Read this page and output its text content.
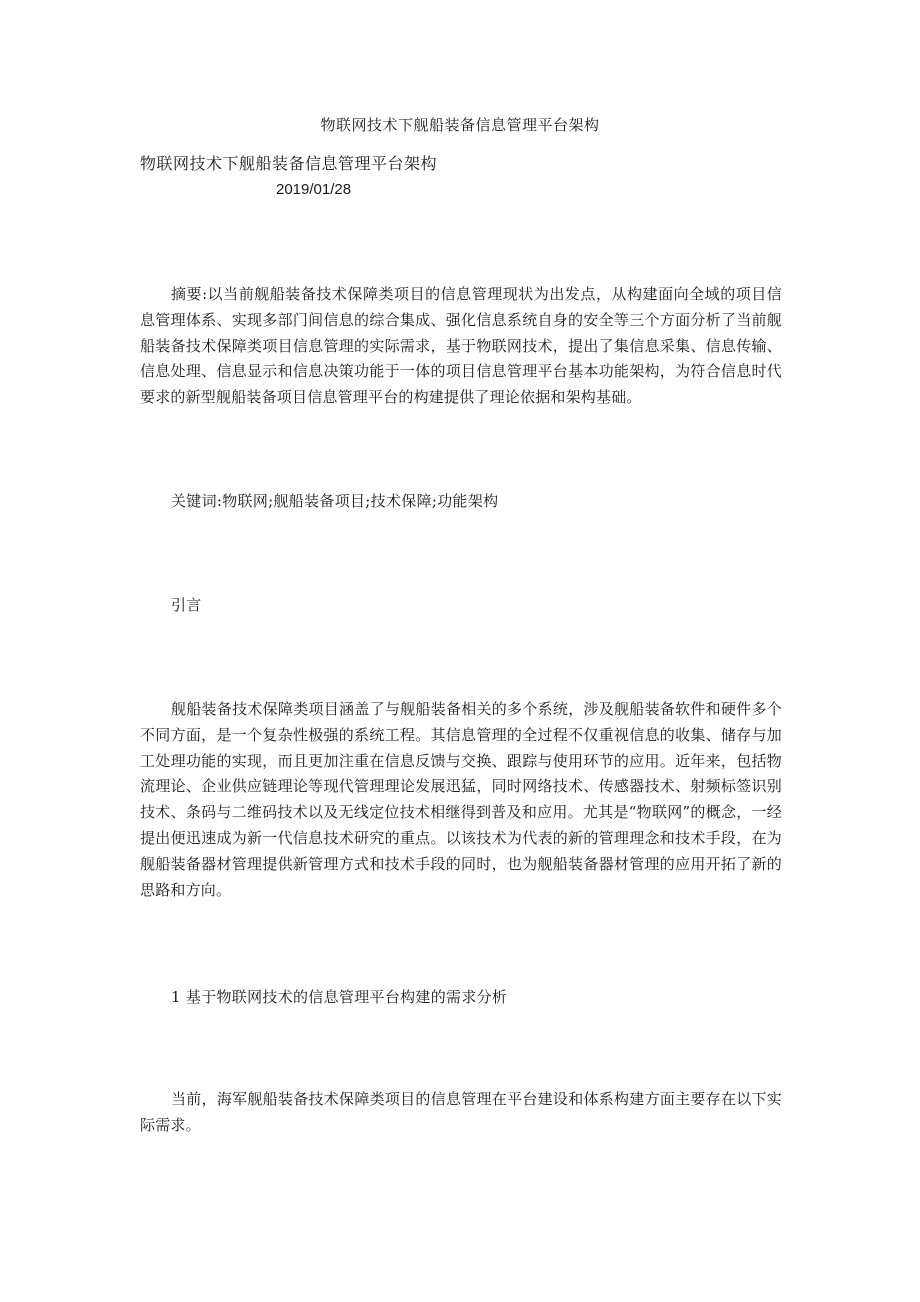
物联网技术下舰船装备信息管理平台架构

物联网技术下舰船装备信息管理平台架构

2019/01/28

摘要:以当前舰船装备技术保障类项目的信息管理现状为出发点，从构建面向全域的项目信息管理体系、实现多部门间信息的综合集成、强化信息系统自身的安全等三个方面分析了当前舰船装备技术保障类项目信息管理的实际需求，基于物联网技术，提出了集信息采集、信息传输、信息处理、信息显示和信息决策功能于一体的项目信息管理平台基本功能架构，为符合信息时代要求的新型舰船装备项目信息管理平台的构建提供了理论依据和架构基础。

关键词:物联网;舰船装备项目;技术保障;功能架构

引言

舰船装备技术保障类项目涵盖了与舰船装备相关的多个系统，涉及舰船装备软件和硬件多个不同方面，是一个复杂性极强的系统工程。其信息管理的全过程不仅重视信息的收集、储存与加工处理功能的实现，而且更加注重在信息反馈与交换、跟踪与使用环节的应用。近年来，包括物流理论、企业供应链理论等现代管理理论发展迅猛，同时网络技术、传感器技术、射频标签识别技术、条码与二维码技术以及无线定位技术相继得到普及和应用。尤其是“物联网”的概念，一经提出便迅速成为新一代信息技术研究的重点。以该技术为代表的新的管理理念和技术手段，在为舰船装备器材管理提供新管理方式和技术手段的同时，也为舰船装备器材管理的应用开拓了新的思路和方向。

1 基于物联网技术的信息管理平台构建的需求分析

当前，海军舰船装备技术保障类项目的信息管理在平台建设和体系构建方面主要存在以下实际需求。
